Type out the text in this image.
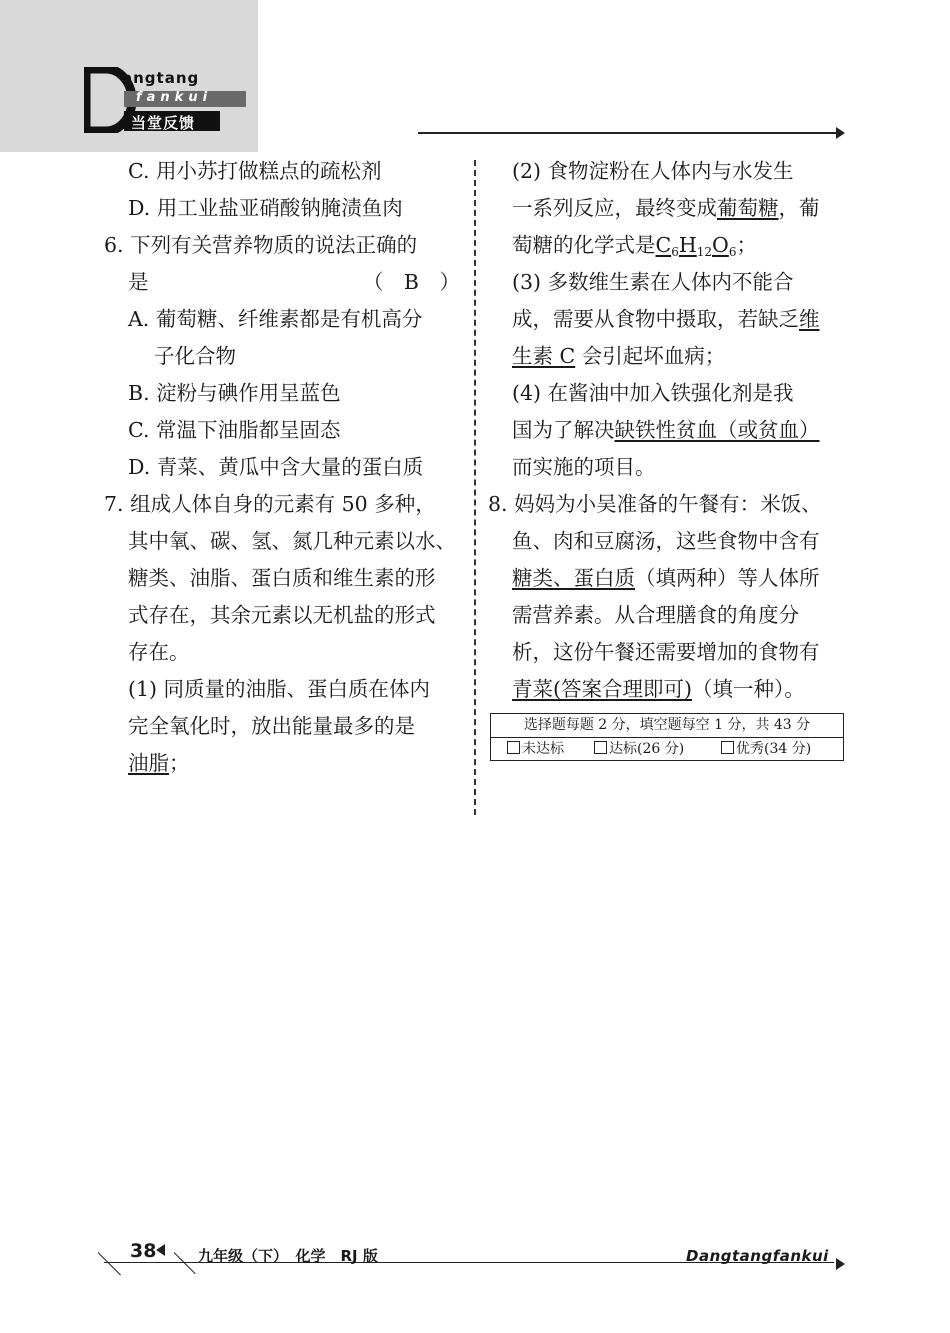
angtang
fankui
当堂反馈
C. 用小苏打做糕点的疏松剂
D. 用工业盐亚硝酸钠腌渍鱼肉
6. 下列有关营养物质的说法正确的
是	（　B　）
A. 葡萄糖、纤维素都是有机高分
子化合物
B. 淀粉与碘作用呈蓝色
C. 常温下油脂都呈固态
D. 青菜、黄瓜中含大量的蛋白质
7. 组成人体自身的元素有 50 多种，
其中氧、碳、氢、氮几种元素以水、
糖类、油脂、蛋白质和维生素的形
式存在，其余元素以无机盐的形式
存在。
(1) 同质量的油脂、蛋白质在体内
完全氧化时，放出能量最多的是
油脂；
(2) 食物淀粉在人体内与水发生
一系列反应，最终变成葡萄糖，葡
萄糖的化学式是$C_6H_{12}O_6$；
(3) 多数维生素在人体内不能合
成，需要从食物中摄取，若缺乏维
生素 C 会引起坏血病；
(4) 在酱油中加入铁强化剂是我
国为了解决缺铁性贫血（或贫血）
而实施的项目。
8. 妈妈为小吴准备的午餐有：米饭、
鱼、肉和豆腐汤，这些食物中含有
糖类、蛋白质（填两种）等人体所
需营养素。从合理膳食的角度分
析，这份午餐还需要增加的食物有
青菜(答案合理即可)（填一种）。
选择题每题 2 分，填空题每空 1 分，共 43 分
未达标	达标(26 分)	优秀(34 分)
38	九年级（下）　化学　RJ 版	Dangtangfankui
